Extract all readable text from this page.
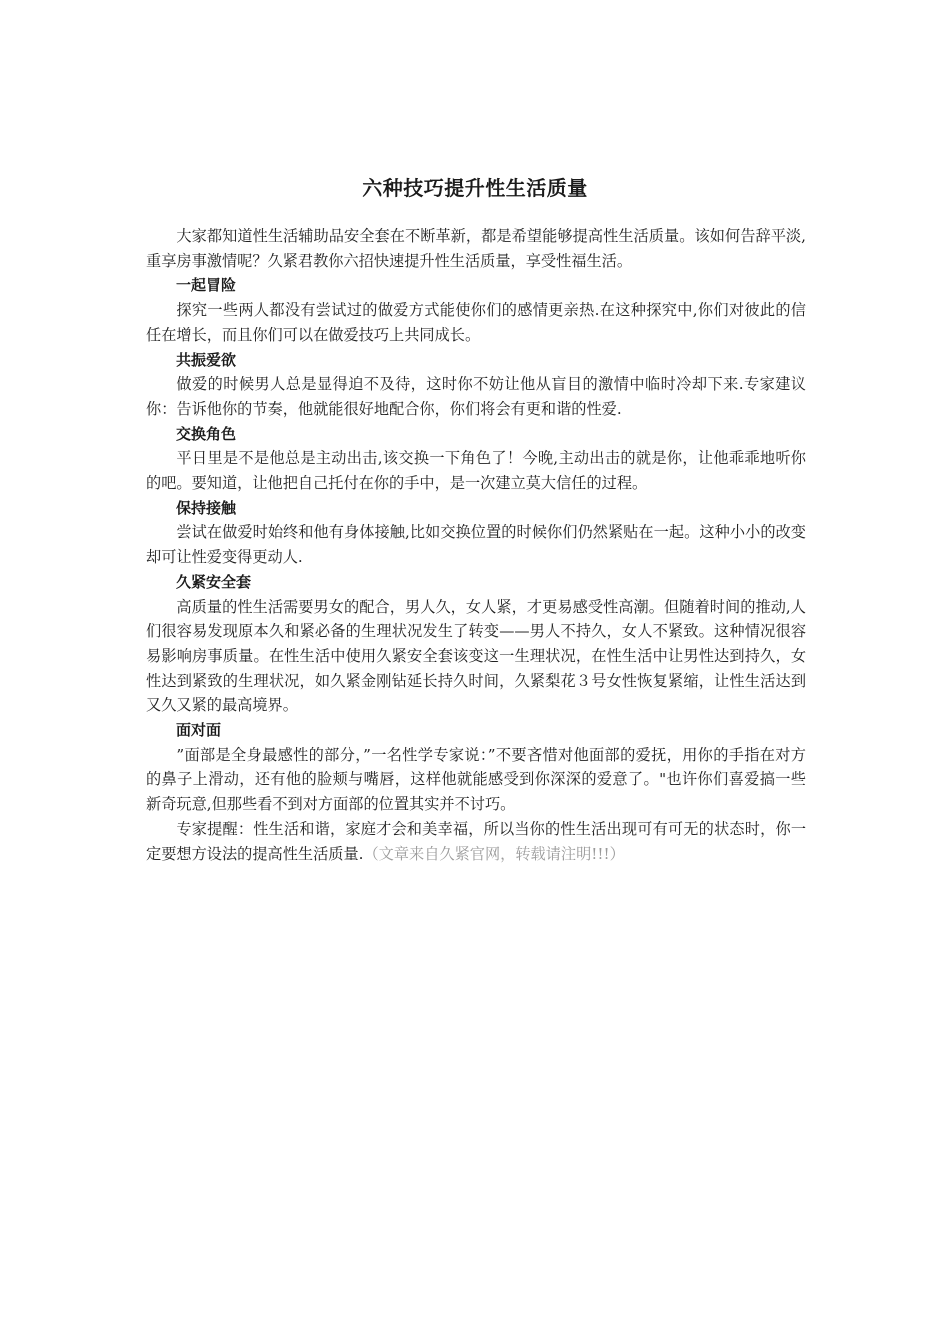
六种技巧提升性生活质量

大家都知道性生活辅助品安全套在不断革新，都是希望能够提高性生活质量。该如何告辞平淡,重享房事激情呢？久紧君教你六招快速提升性生活质量，享受性福生活。

一起冒险

探究一些两人都没有尝试过的做爱方式能使你们的感情更亲热.在这种探究中,你们对彼此的信任在增长，而且你们可以在做爱技巧上共同成长。

共振爱欲

做爱的时候男人总是显得迫不及待，这时你不妨让他从盲目的激情中临时冷却下来.专家建议你：告诉他你的节奏，他就能很好地配合你，你们将会有更和谐的性爱.

交换角色

平日里是不是他总是主动出击,该交换一下角色了！今晚,主动出击的就是你，让他乖乖地听你的吧。要知道，让他把自己托付在你的手中，是一次建立莫大信任的过程。

保持接触

尝试在做爱时始终和他有身体接触,比如交换位置的时候你们仍然紧贴在一起。这种小小的改变却可让性爱变得更动人.

久紧安全套

高质量的性生活需要男女的配合，男人久，女人紧，才更易感受性高潮。但随着时间的推动,人们很容易发现原本久和紧必备的生理状况发生了转变——男人不持久，女人不紧致。这种情况很容易影响房事质量。在性生活中使用久紧安全套该变这一生理状况，在性生活中让男性达到持久，女性达到紧致的生理状况，如久紧金刚钻延长持久时间，久紧梨花３号女性恢复紧缩，让性生活达到又久又紧的最高境界。

面对面

”面部是全身最感性的部分，”一名性学专家说：”不要吝惜对他面部的爱抚，用你的手指在对方的鼻子上滑动，还有他的脸颊与嘴唇，这样他就能感受到你深深的爱意了。"也许你们喜爱搞一些新奇玩意,但那些看不到对方面部的位置其实并不讨巧。

专家提醒：性生活和谐，家庭才会和美幸福，所以当你的性生活出现可有可无的状态时，你一定要想方设法的提高性生活质量.（文章来自久紧官网，转载请注明!!!）
